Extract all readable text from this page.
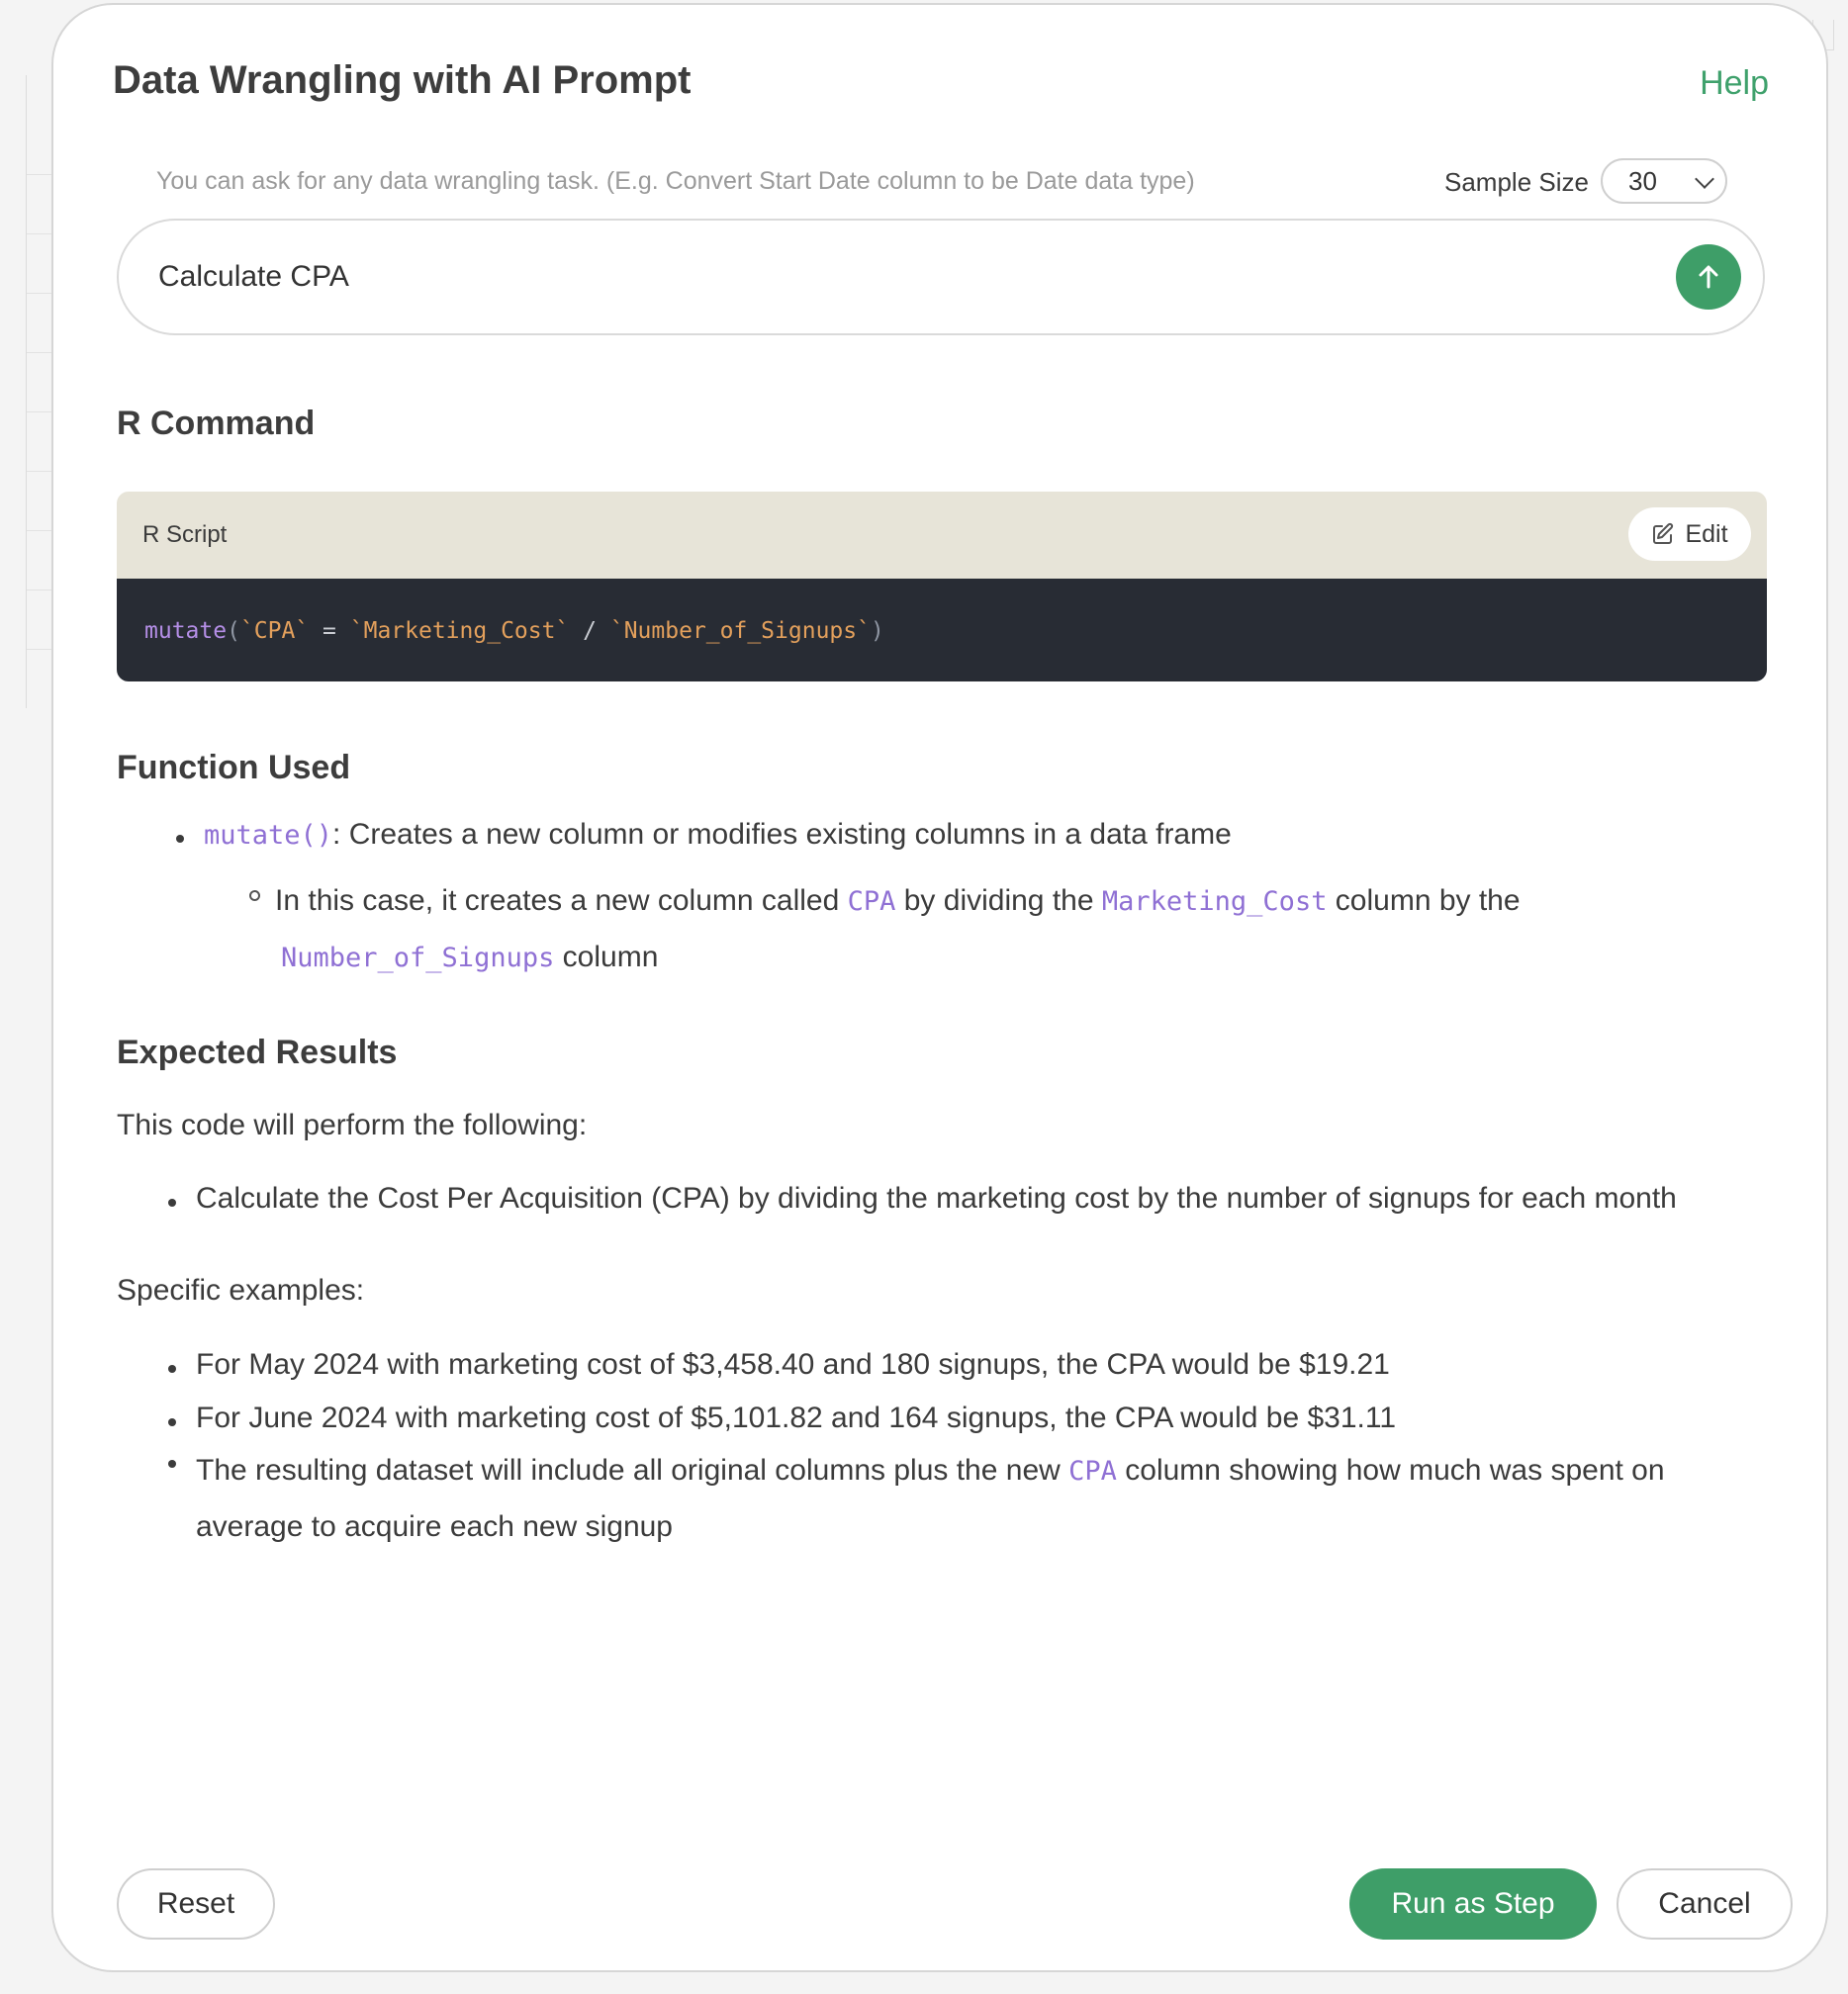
Data Wrangling with AI Prompt	Help
You can ask for any data wrangling task. (E.g. Convert Start Date column to be Date data type)	Sample Size 30
Calculate CPA
R Command
R Script	Edit
mutate(`CPA` = `Marketing_Cost` / `Number_of_Signups`)
Function Used
mutate(): Creates a new column or modifies existing columns in a data frame
In this case, it creates a new column called CPA by dividing the Marketing_Cost column by the
Number_of_Signups column
Expected Results
This code will perform the following:
Calculate the Cost Per Acquisition (CPA) by dividing the marketing cost by the number of signups for each month
Specific examples:
For May 2024 with marketing cost of $3,458.40 and 180 signups, the CPA would be $19.21
For June 2024 with marketing cost of $5,101.82 and 164 signups, the CPA would be $31.11
The resulting dataset will include all original columns plus the new CPA column showing how much was spent on
average to acquire each new signup
Reset	Run as Step	Cancel
